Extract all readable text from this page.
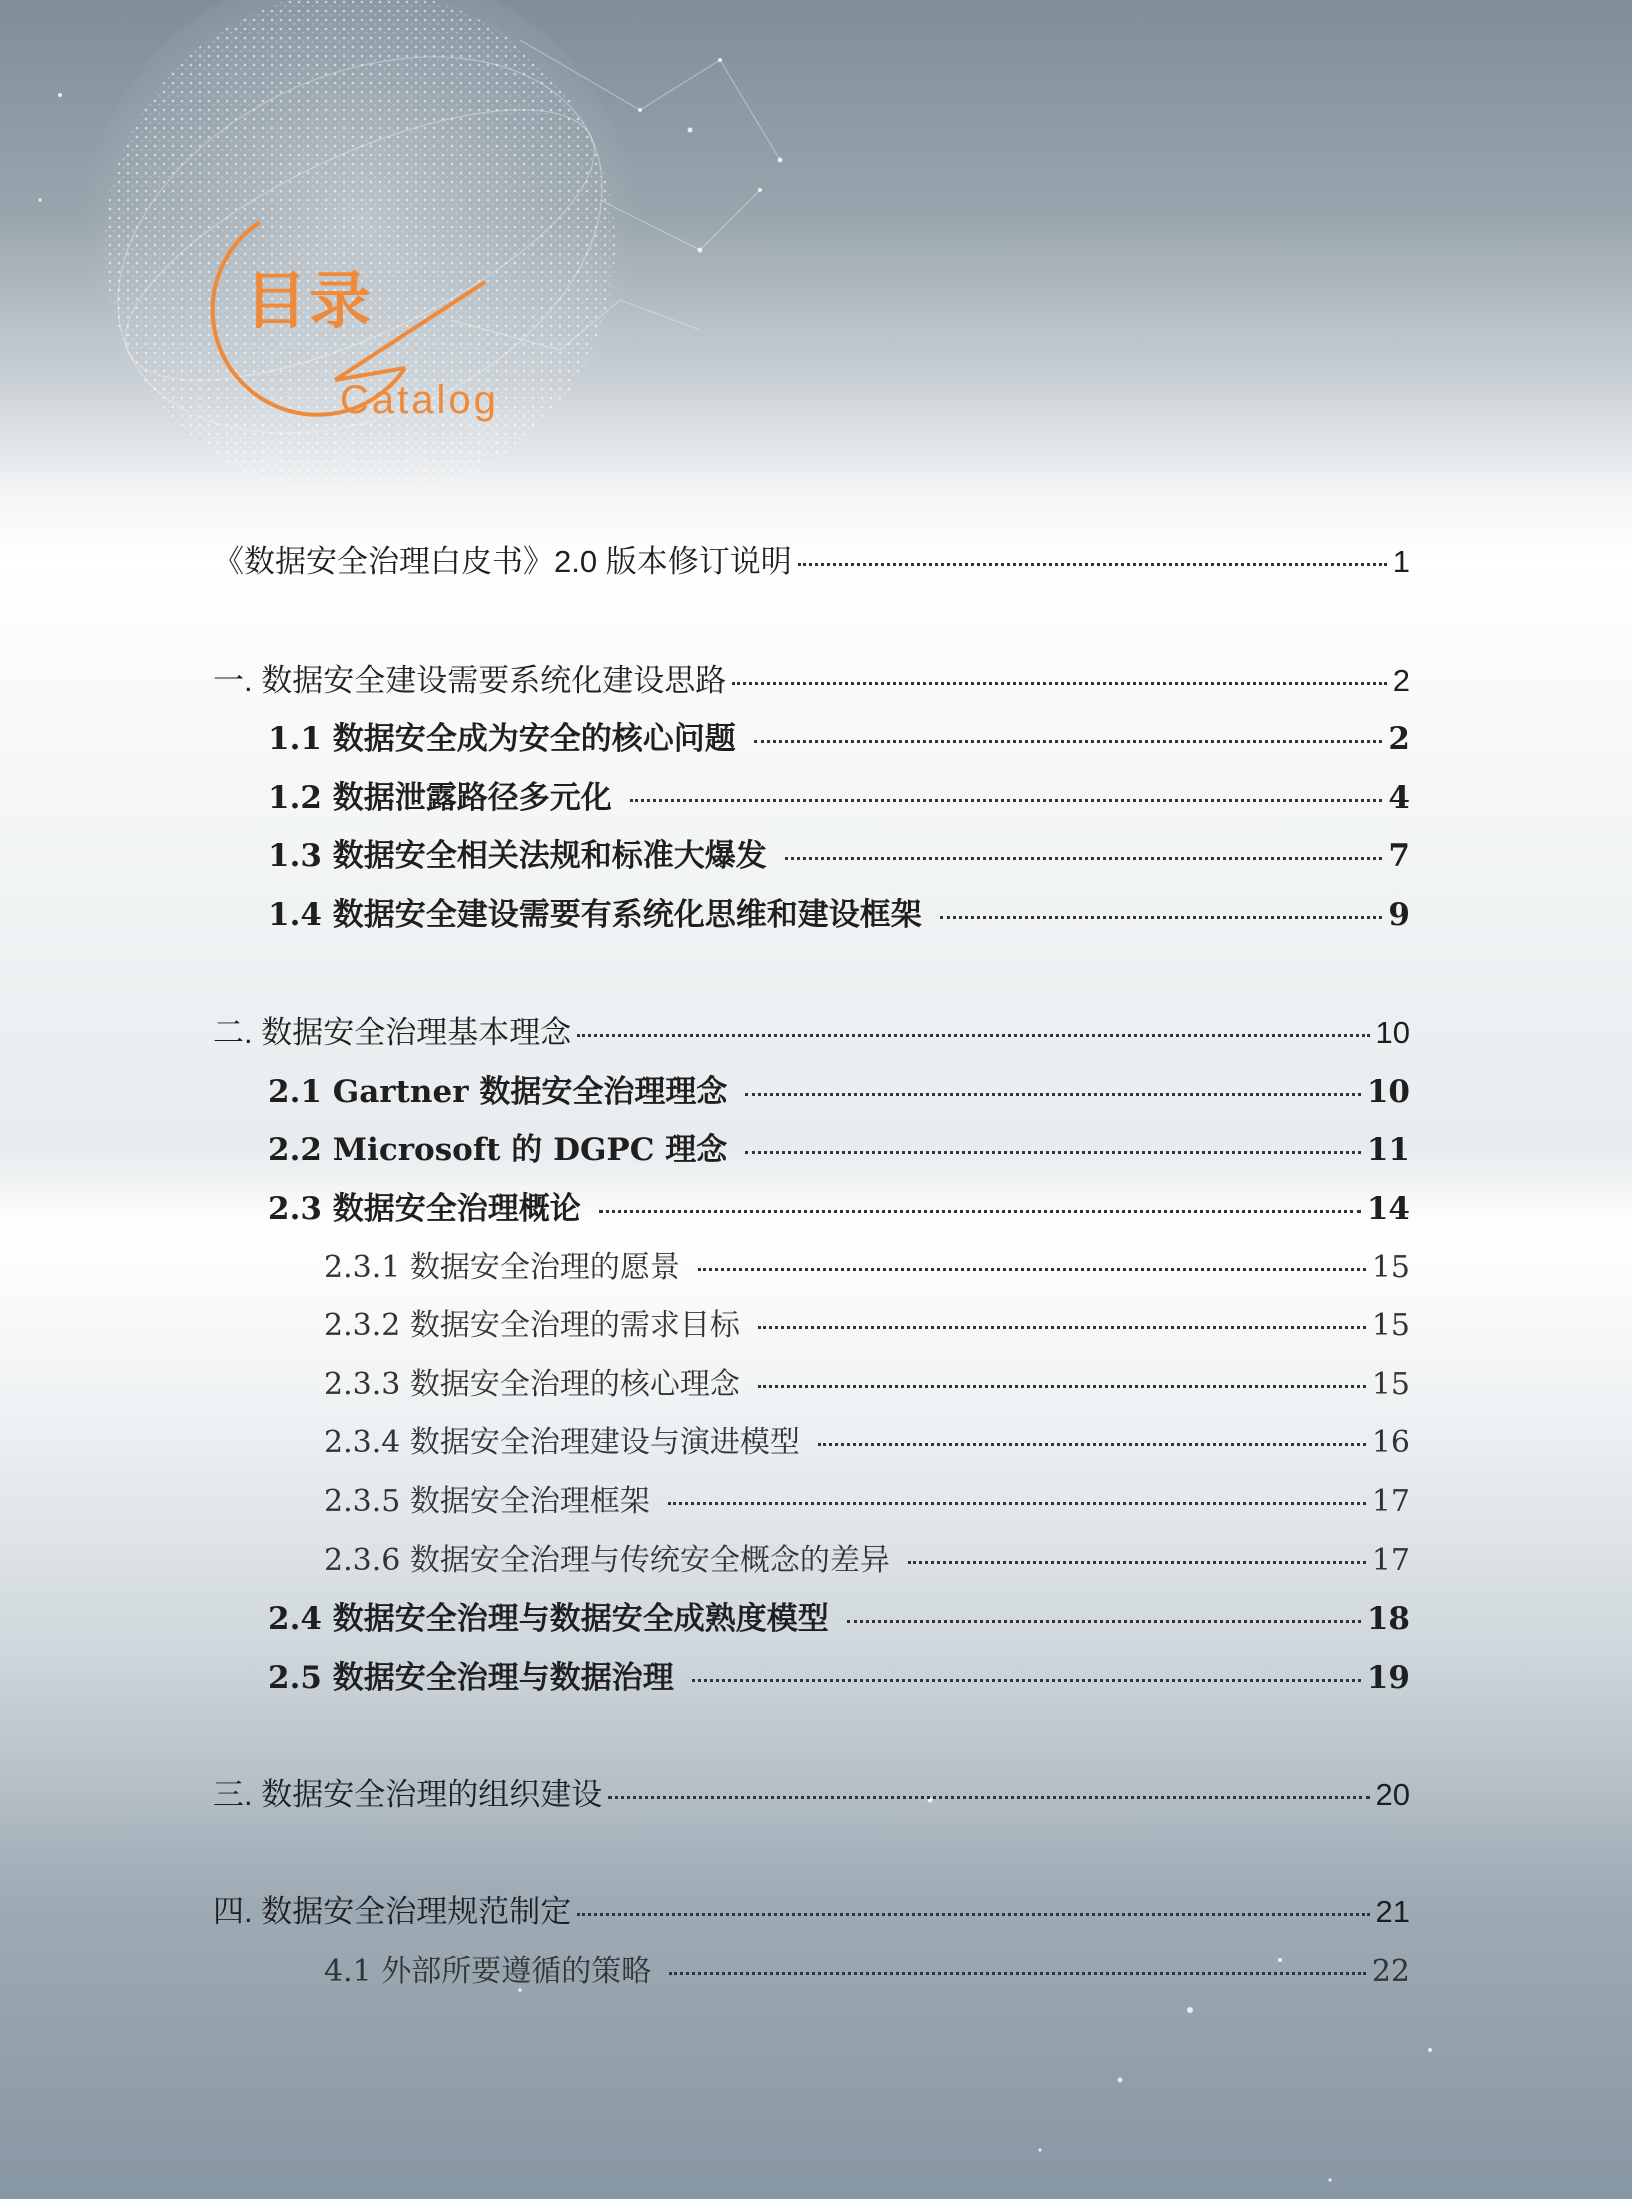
目录
Catalog
《数据安全治理白皮书》2.0 版本修订说明	1
一. 数据安全建设需要系统化建设思路	2
1.1 数据安全成为安全的核心问题	2
1.2 数据泄露路径多元化	4
1.3 数据安全相关法规和标准大爆发	7
1.4 数据安全建设需要有系统化思维和建设框架	9
二. 数据安全治理基本理念	10
2.1 Gartner 数据安全治理理念	10
2.2 Microsoft 的 DGPC 理念	11
2.3 数据安全治理概论	14
2.3.1 数据安全治理的愿景	15
2.3.2 数据安全治理的需求目标	15
2.3.3 数据安全治理的核心理念	15
2.3.4 数据安全治理建设与演进模型	16
2.3.5 数据安全治理框架	17
2.3.6 数据安全治理与传统安全概念的差异	17
2.4 数据安全治理与数据安全成熟度模型	18
2.5 数据安全治理与数据治理	19
三. 数据安全治理的组织建设	20
四. 数据安全治理规范制定	21
4.1 外部所要遵循的策略	22
